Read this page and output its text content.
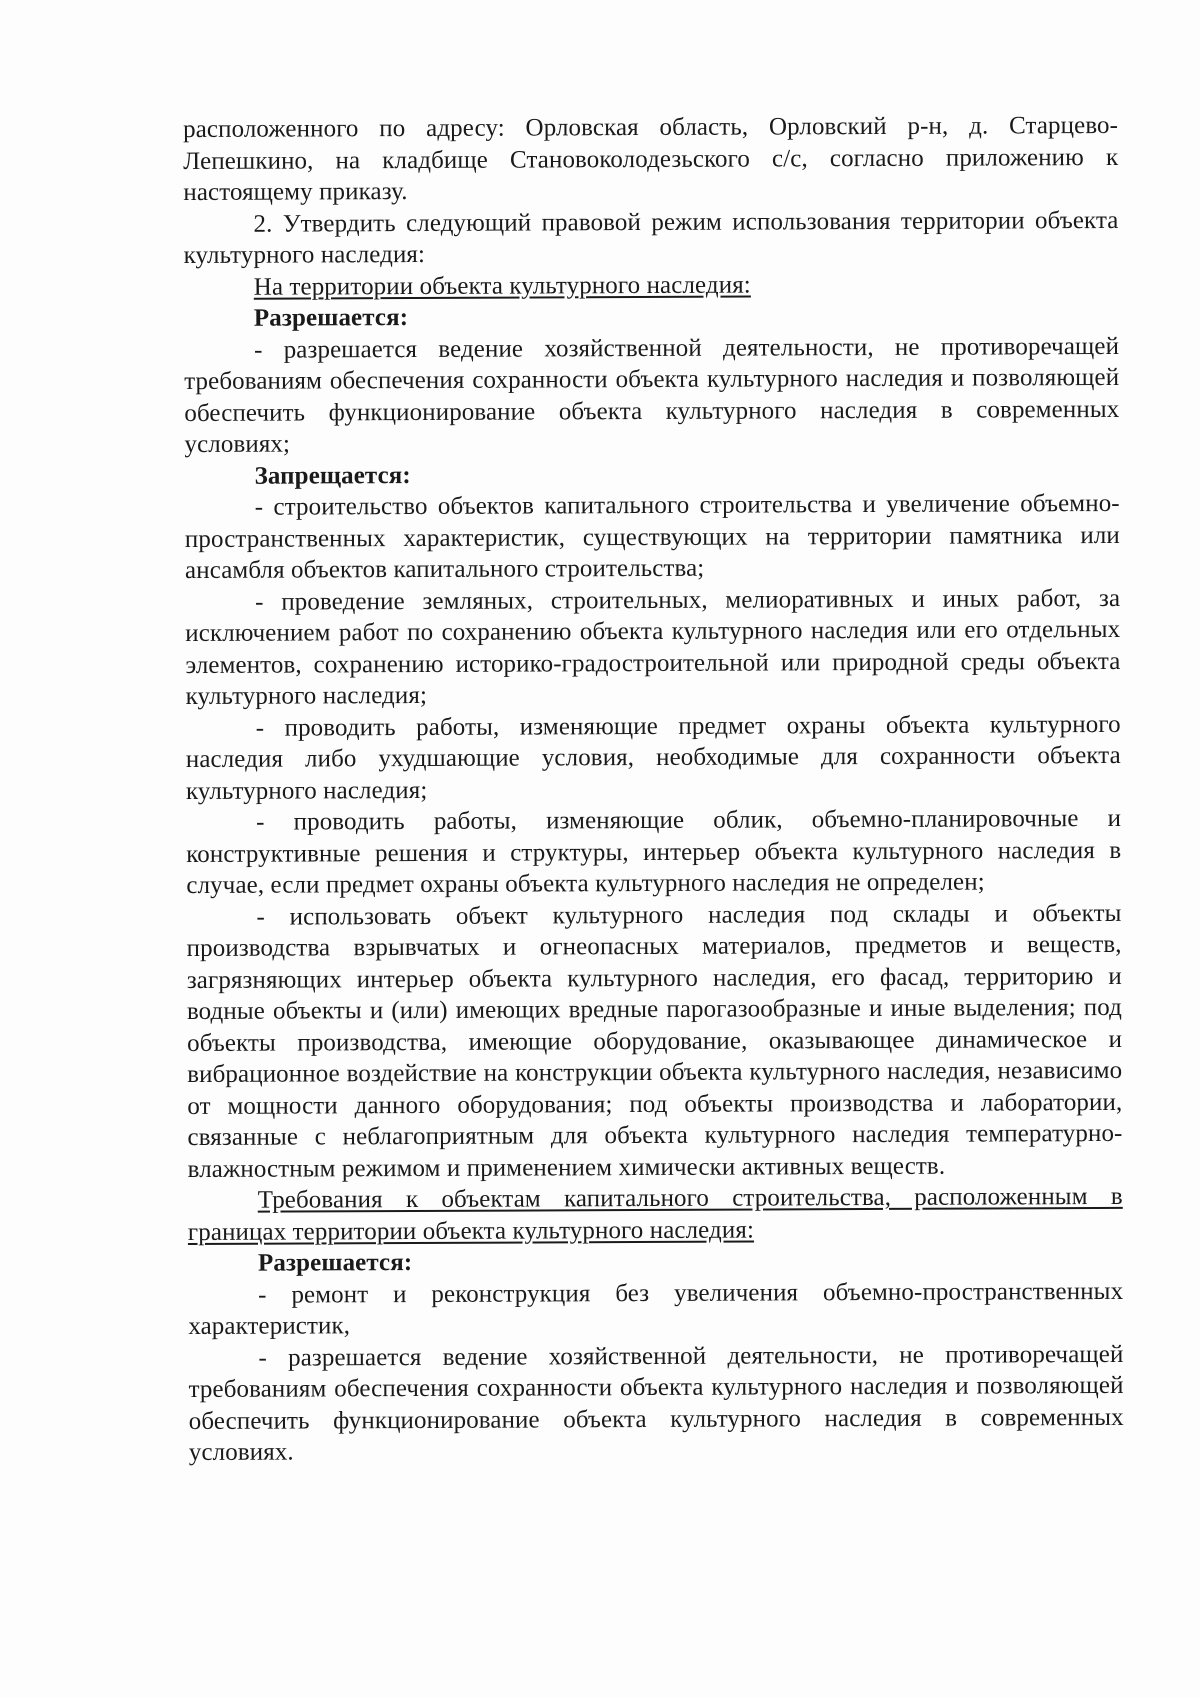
расположенного по адресу: Орловская область, Орловский р-н, д. Старцево-Лепешкино, на кладбище Становоколодезьского с/с, согласно приложению к настоящему приказу.

2. Утвердить следующий правовой режим использования территории объекта культурного наследия:

На территории объекта культурного наследия:

Разрешается:

- разрешается ведение хозяйственной деятельности, не противоречащей требованиям обеспечения сохранности объекта культурного наследия и позволяющей обеспечить функционирование объекта культурного наследия в современных условиях;

Запрещается:

- строительство объектов капитального строительства и увеличение объемно-пространственных характеристик, существующих на территории памятника или ансамбля объектов капитального строительства;

- проведение земляных, строительных, мелиоративных и иных работ, за исключением работ по сохранению объекта культурного наследия или его отдельных элементов, сохранению историко-градостроительной или природной среды объекта культурного наследия;

- проводить работы, изменяющие предмет охраны объекта культурного наследия либо ухудшающие условия, необходимые для сохранности объекта культурного наследия;

- проводить работы, изменяющие облик, объемно-планировочные и конструктивные решения и структуры, интерьер объекта культурного наследия в случае, если предмет охраны объекта культурного наследия не определен;

- использовать объект культурного наследия под склады и объекты производства взрывчатых и огнеопасных материалов, предметов и веществ, загрязняющих интерьер объекта культурного наследия, его фасад, территорию и водные объекты и (или) имеющих вредные парогазообразные и иные выделения; под объекты производства, имеющие оборудование, оказывающее динамическое и вибрационное воздействие на конструкции объекта культурного наследия, независимо от мощности данного оборудования; под объекты производства и лаборатории, связанные с неблагоприятным для объекта культурного наследия температурно-влажностным режимом и применением химически активных веществ.

Требования к объектам капитального строительства, расположенным в границах территории объекта культурного наследия:

Разрешается:

- ремонт и реконструкция без увеличения объемно-пространственных характеристик,

- разрешается ведение хозяйственной деятельности, не противоречащей требованиям обеспечения сохранности объекта культурного наследия и позволяющей обеспечить функционирование объекта культурного наследия в современных условиях.
